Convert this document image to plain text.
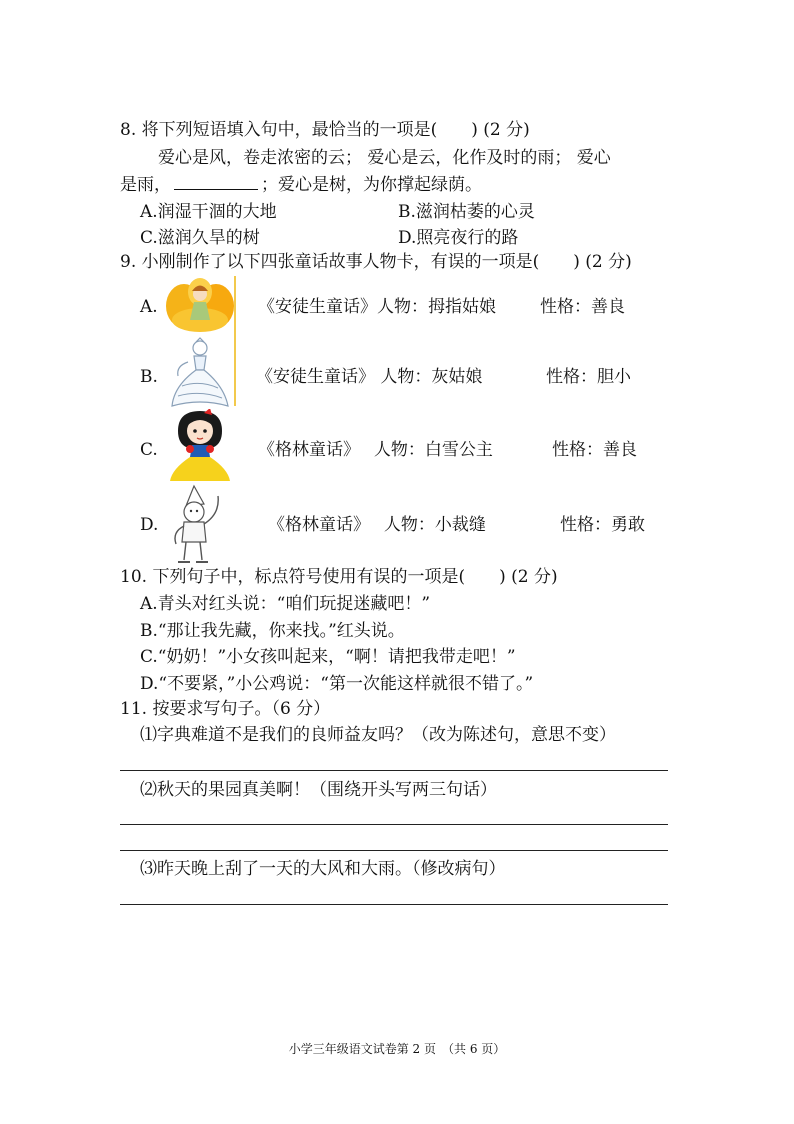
8. 将下列短语填入句中，最恰当的一项是(　　) (2 分)
爱心是风，卷走浓密的云； 爱心是云，化作及时的雨； 爱心
是雨，	；爱心是树，为你撑起绿荫。
A.润湿干涸的大地	B.滋润枯萎的心灵
C.滋润久旱的树	D.照亮夜行的路
9. 小刚制作了以下四张童话故事人物卡，有误的一项是(　　) (2 分)
A.	《安徒生童话》人物：拇指姑娘	性格：善良
B.	《安徒生童话》 人物：灰姑娘	性格：胆小
C.	《格林童话》　 人物：白雪公主	性格：善良
D.	《格林童话》　 人物：小裁缝	性格：勇敢
10. 下列句子中，标点符号使用有误的一项是(　　) (2 分)
A.青头对红头说：“咱们玩捉迷藏吧！”
B.“那让我先藏，你来找。”红头说。
C.“奶奶！”小女孩叫起来，“啊！请把我带走吧！”
D.“不要紧，”小公鸡说：“第一次能这样就很不错了。”
11. 按要求写句子。（6 分）
⑴字典难道不是我们的良师益友吗？（改为陈述句，意思不变）
⑵秋天的果园真美啊！（围绕开头写两三句话）
⑶昨天晚上刮了一天的大风和大雨。（修改病句）
小学三年级语文试卷第 2 页　（共 6 页）
